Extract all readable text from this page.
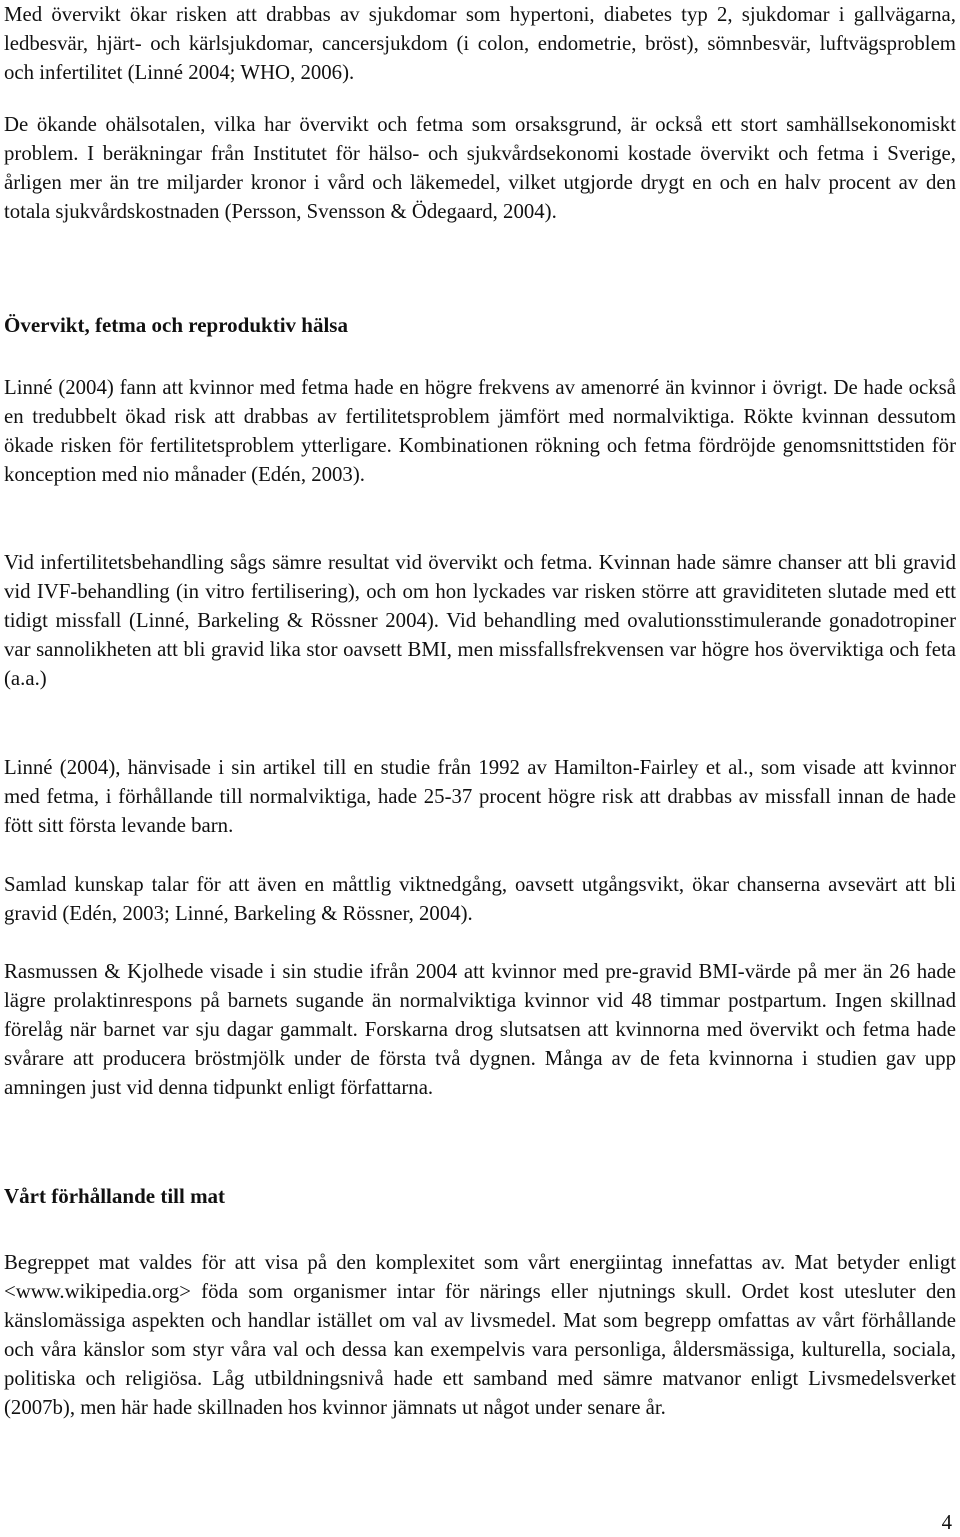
Med övervikt ökar risken att drabbas av sjukdomar som hypertoni, diabetes typ 2, sjukdomar i gallvägarna, ledbesvär, hjärt- och kärlsjukdomar, cancersjukdom (i colon, endometrie, bröst), sömnbesvär, luftvägsproblem och infertilitet (Linné 2004; WHO, 2006).

De ökande ohälsotalen, vilka har övervikt och fetma som orsaksgrund, är också ett stort samhällsekonomiskt problem. I beräkningar från Institutet för hälso- och sjukvårdsekonomi kostade övervikt och fetma i Sverige, årligen mer än tre miljarder kronor i vård och läkemedel, vilket utgjorde drygt en och en halv procent av den totala sjukvårdskostnaden (Persson, Svensson & Ödegaard, 2004).

Övervikt, fetma och reproduktiv hälsa

Linné (2004) fann att kvinnor med fetma hade en högre frekvens av amenorré än kvinnor i övrigt. De hade också en tredubbelt ökad risk att drabbas av fertilitetsproblem jämfört med normalviktiga. Rökte kvinnan dessutom ökade risken för fertilitetsproblem ytterligare. Kombinationen rökning och fetma fördröjde genomsnittstiden för konception med nio månader (Edén, 2003).

Vid infertilitetsbehandling sågs sämre resultat vid övervikt och fetma. Kvinnan hade sämre chanser att bli gravid vid IVF-behandling (in vitro fertilisering), och om hon lyckades var risken större att graviditeten slutade med ett tidigt missfall (Linné, Barkeling & Rössner 2004). Vid behandling med ovalutionsstimulerande gonadotropiner var sannolikheten att bli gravid lika stor oavsett BMI, men missfallsfrekvensen var högre hos överviktiga och feta (a.a.)

Linné (2004), hänvisade i sin artikel till en studie från 1992 av Hamilton-Fairley et al., som visade att kvinnor med fetma, i förhållande till normalviktiga, hade 25-37 procent högre risk att drabbas av missfall innan de hade fött sitt första levande barn.

Samlad kunskap talar för att även en måttlig viktnedgång, oavsett utgångsvikt, ökar chanserna avsevärt att bli gravid (Edén, 2003; Linné, Barkeling & Rössner, 2004).

Rasmussen & Kjolhede visade i sin studie ifrån 2004 att kvinnor med pre-gravid BMI-värde på mer än 26 hade lägre prolaktinrespons på barnets sugande än normalviktiga kvinnor vid 48 timmar postpartum. Ingen skillnad förelåg när barnet var sju dagar gammalt. Forskarna drog slutsatsen att kvinnorna med övervikt och fetma hade svårare att producera bröstmjölk under de första två dygnen. Många av de feta kvinnorna i studien gav upp amningen just vid denna tidpunkt enligt författarna.

Vårt förhållande till mat

Begreppet mat valdes för att visa på den komplexitet som vårt energiintag innefattas av. Mat betyder enligt <www.wikipedia.org> föda som organismer intar för närings eller njutnings skull. Ordet kost utesluter den känslomässiga aspekten och handlar istället om val av livsmedel. Mat som begrepp omfattas av vårt förhållande och våra känslor som styr våra val och dessa kan exempelvis vara personliga, åldersmässiga, kulturella, sociala, politiska och religiösa. Låg utbildningsnivå hade ett samband med sämre matvanor enligt Livsmedelsverket (2007b), men här hade skillnaden hos kvinnor jämnats ut något under senare år.

4
